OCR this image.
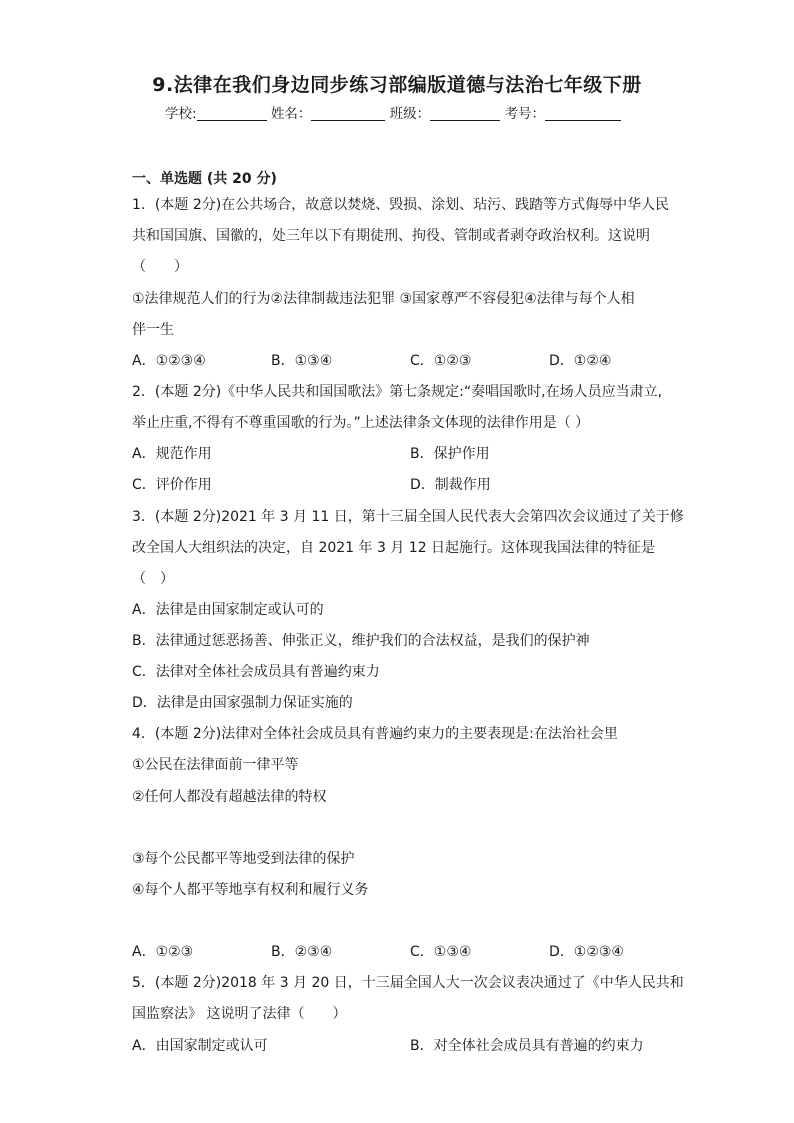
9.法律在我们身边同步练习部编版道德与法治七年级下册
学校:	姓名：	班级：	考号：
一、单选题 (共 20 分)
1．(本题 2分)在公共场合，故意以焚烧、毁损、涂划、玷污、践踏等方式侮辱中华人民
共和国国旗、国徽的，处三年以下有期徒刑、拘役、管制或者剥夺政治权利。这说明
（　　）
①法律规范人们的行为②法律制裁违法犯罪 ③国家尊严不容侵犯④法律与每个人相
伴一生
A．①②③④	B．①③④	C．①②③	D．①②④
2．(本题 2分)《中华人民共和国国歌法》第七条规定:“奏唱国歌时,在场人员应当肃立,
举止庄重,不得有不尊重国歌的行为。”上述法律条文体现的法律作用是（ ）
A．规范作用	B．保护作用
C．评价作用	D．制裁作用
3．(本题 2分)2021 年 3 月 11 日，第十三届全国人民代表大会第四次会议通过了关于修
改全国人大组织法的决定，自 2021 年 3 月 12 日起施行。这体现我国法律的特征是
（　）
A．法律是由国家制定或认可的
B．法律通过惩恶扬善、伸张正义，维护我们的合法权益，是我们的保护神
C．法律对全体社会成员具有普遍约束力
D．法律是由国家强制力保证实施的
4．(本题 2分)法律对全体社会成员具有普遍约束力的主要表现是:在法治社会里
①公民在法律面前一律平等
②任何人都没有超越法律的特权
③每个公民都平等地受到法律的保护
④每个人都平等地享有权利和履行义务
A．①②③	B．②③④	C．①③④	D．①②③④
5．(本题 2分)2018 年 3 月 20 日，十三届全国人大一次会议表决通过了《中华人民共和
国监察法》 这说明了法律（　　）
A．由国家制定或认可	B．对全体社会成员具有普遍的约束力
